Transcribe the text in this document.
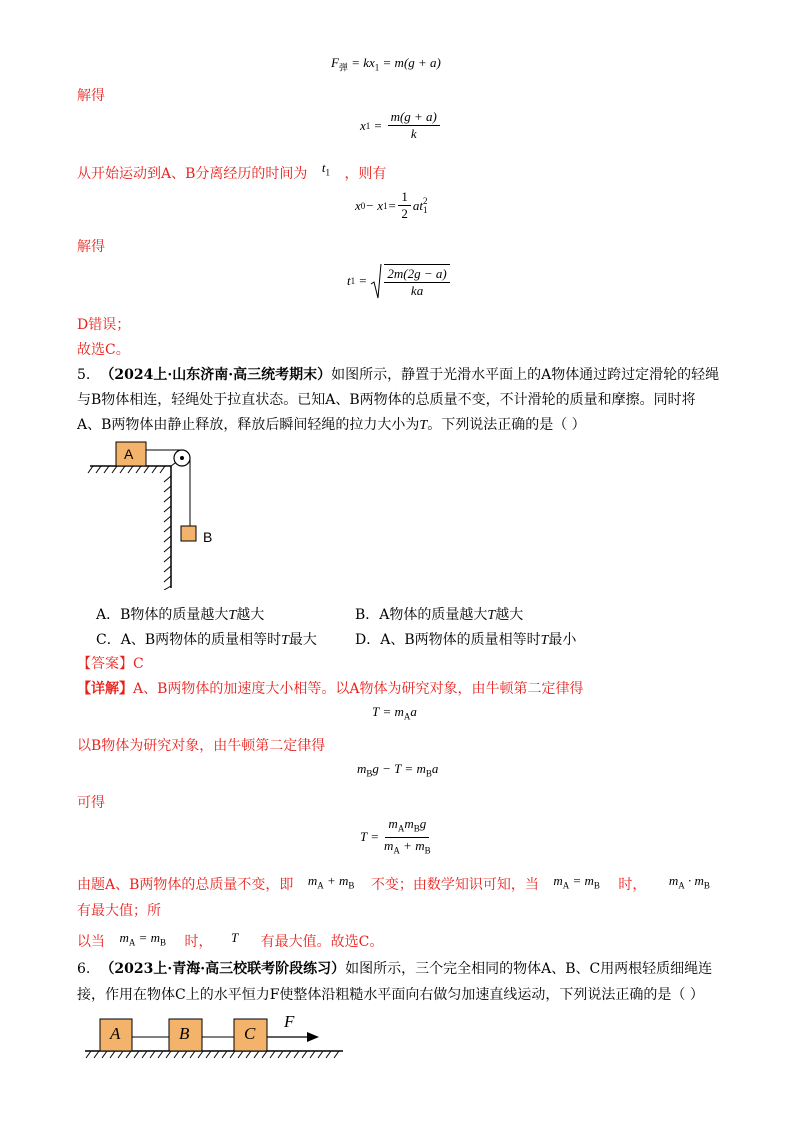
$F_弹 = kx_1 = m(g + a)$
解得
x $1 = \frac{m(g + a)}{k}$
从开始运动到A、B分离经历的时间为 $t_1$ ，则有
x 0 − x $1 = \frac{1}{2}$ at 2
1
解得
t $1 = \frac{2m(2g - a)}{ka}$
D错误；
故选C。
5. （2024上·山东济南·高三统考期末）如图所示，静置于光滑水平面上的A物体通过跨过定滑轮的轻绳
与B物体相连，轻绳处于拉直状态。已知A、B两物体的总质量不变，不计滑轮的质量和摩擦。同时将
A、B两物体由静止释放，释放后瞬间轻绳的拉力大小为T。下列说法正确的是（ ）
A
B
A．B物体的质量越大T越大	B．A物体的质量越大T越大
C．A、B两物体的质量相等时T最大	D．A、B两物体的质量相等时T最小
【答案】C
【详解】A、B两物体的加速度大小相等。以A物体为研究对象，由牛顿第二定律得
$T = m_Aa$
以B物体为研究对象，由牛顿第二定律得
$m_Bg - T = m_Ba$
可得
$T = \frac{m_Am_Bg}{m_A + m_B}$
由题A、B两物体的总质量不变，即 $m_A + m_B$ 不变；由数学知识可知，当 $m_A = m_B$ 时， $m_A \cdot m_B$
有最大值；所
以当 $m_A = m_B$ 时， T 有最大值。故选C。
6. （2023上·青海·高三校联考阶段练习）如图所示，三个完全相同的物体A、B、C用两根轻质细绳连
接，作用在物体C上的水平恒力F使整体沿粗糙水平面向右做匀加速直线运动，下列说法正确的是（ ）
A	B	C
F
